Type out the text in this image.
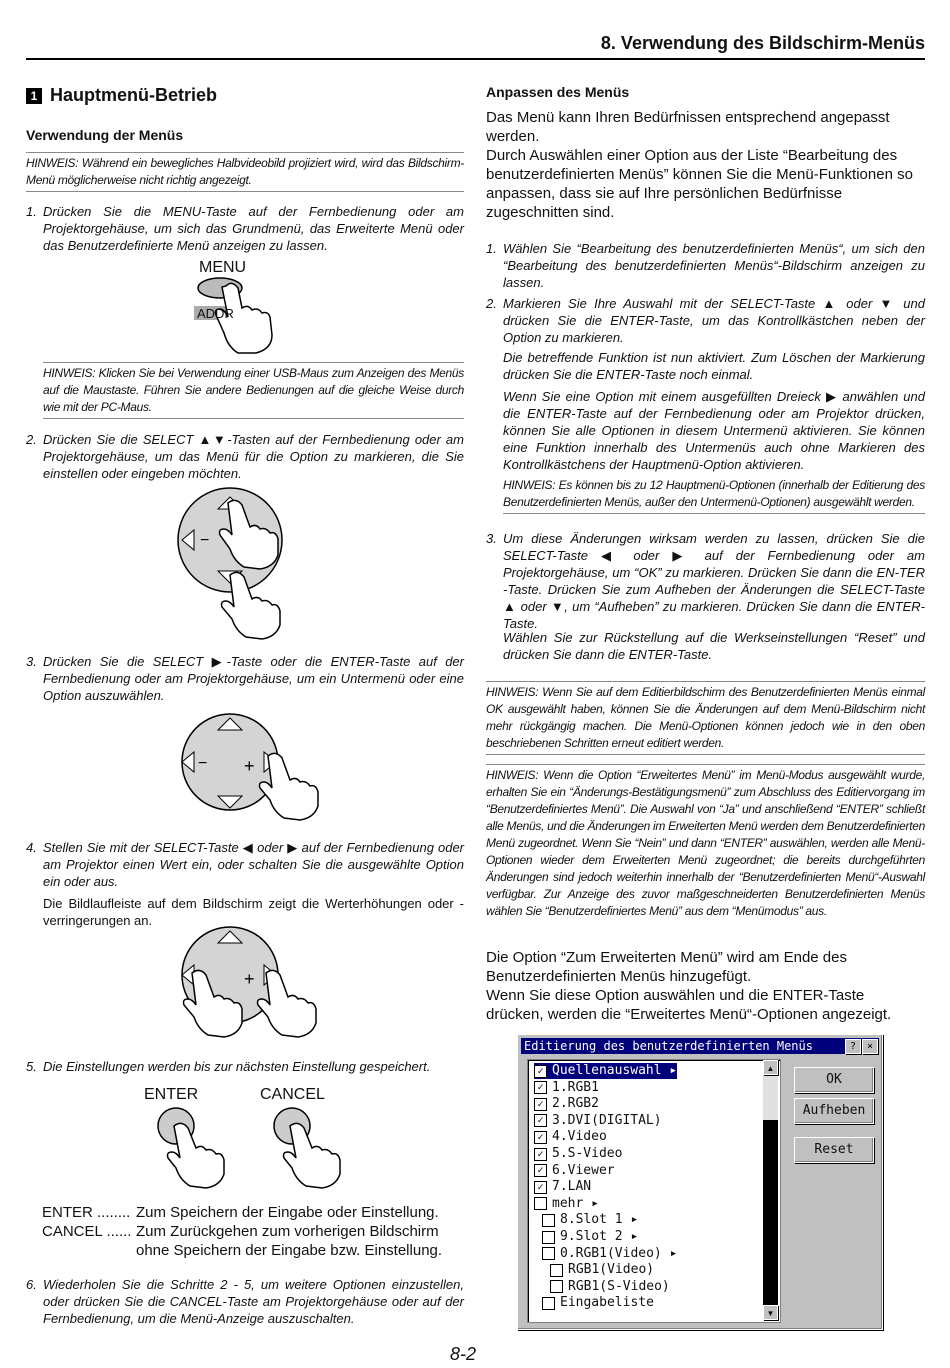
8. Verwendung des Bildschirm-Menüs
1 Hauptmenü-Betrieb
Verwendung der Menüs
HINWEIS: Während ein bewegliches Halbvideobild projiziert wird, wird das Bildschirm-Menü möglicherweise nicht richtig angezeigt.
1. Drücken Sie die MENU-Taste auf der Fernbedienung oder am Projektorgehäuse, um sich das Grundmenü, das Erweiterte Menü oder das Benutzerdefinierte Menü anzeigen zu lassen.
MENU
ADDR
HINWEIS: Klicken Sie bei Verwendung einer USB-Maus zum Anzeigen des Menüs auf die Maustaste. Führen Sie andere Bedienungen auf die gleiche Weise durch wie mit der PC-Maus.
2. Drücken Sie die SELECT ▲▼-Tasten auf der Fernbedienung oder am Projektorgehäuse, um das Menü für die Option zu markieren, die Sie einstellen oder eingeben möchten.
−
3. Drücken Sie die SELECT ▶-Taste oder die ENTER-Taste auf der Fernbedienung oder am Projektorgehäuse, um ein Untermenü oder eine Option auszuwählen.
− +
4. Stellen Sie mit der SELECT-Taste ◀ oder ▶ auf der Fernbedienung oder am Projektor einen Wert ein, oder schalten Sie die ausgewählte Option ein oder aus.
Die Bildlaufleiste auf dem Bildschirm zeigt die Werterhöhungen oder -verringerungen an.
+
5. Die Einstellungen werden bis zur nächsten Einstellung gespeichert.
ENTER	CANCEL
ENTER ........ Zum Speichern der Eingabe oder Einstellung.
CANCEL ...... Zum Zurückgehen zum vorherigen Bildschirm ohne Speichern der Eingabe bzw. Einstellung.
6. Wiederholen Sie die Schritte 2 - 5, um weitere Optionen einzustellen, oder drücken Sie die CANCEL-Taste am Projektorgehäuse oder auf der Fernbedienung, um die Menü-Anzeige auszuschalten.
Anpassen des Menüs
Das Menü kann Ihren Bedürfnissen entsprechend angepasst werden.
Durch Auswählen einer Option aus der Liste “Bearbeitung des benutzerdefinierten Menüs” können Sie die Menü-Funktionen so anpassen, dass sie auf Ihre persönlichen Bedürfnisse zugeschnitten sind.
1. Wählen Sie “Bearbeitung des benutzerdefinierten Menüs“, um sich den “Bearbeitung des benutzerdefinierten Menüs“-Bildschirm anzeigen zu lassen.
2. Markieren Sie Ihre Auswahl mit der SELECT-Taste ▲ oder ▼ und drücken Sie die ENTER-Taste, um das Kontrollkästchen neben der Option zu markieren.
Die betreffende Funktion ist nun aktiviert. Zum Löschen der Markierung drücken Sie die ENTER-Taste noch einmal.
Wenn Sie eine Option mit einem ausgefüllten Dreieck ▶ anwählen und die ENTER-Taste auf der Fernbedienung oder am Projektor drücken, können Sie alle Optionen in diesem Untermenü aktivieren. Sie können eine Funktion innerhalb des Untermenüs auch ohne Markieren des Kontrollkästchens der Hauptmenü-Option aktivieren.
HINWEIS: Es können bis zu 12 Hauptmenü-Optionen (innerhalb der Editierung des Benutzerdefinierten Menüs, außer den Untermenü-Optionen) ausgewählt werden.
3. Um diese Änderungen wirksam werden zu lassen, drücken Sie die SELECT-Taste ◀ oder ▶ auf der Fernbedienung oder am Projektorgehäuse, um “OK” zu markieren. Drücken Sie dann die EN-TER -Taste. Drücken Sie zum Aufheben der Änderungen die SELECT-Taste ▲ oder ▼, um “Aufheben” zu markieren. Drücken Sie dann die ENTER-Taste.
Wählen Sie zur Rückstellung auf die Werkseinstellungen “Reset” und drücken Sie dann die ENTER-Taste.
HINWEIS: Wenn Sie auf dem Editierbildschirm des Benutzerdefinierten Menüs einmal OK ausgewählt haben, können Sie die Änderungen auf dem Menü-Bildschirm nicht mehr rückgängig machen. Die Menü-Optionen können jedoch wie in den oben beschriebenen Schritten erneut editiert werden.
HINWEIS: Wenn die Option “Erweitertes Menü” im Menü-Modus ausgewählt wurde, erhalten Sie ein “Änderungs-Bestätigungsmenü” zum Abschluss des Editiervorgang im “Benutzerdefiniertes Menü”. Die Auswahl von “Ja” und anschließend “ENTER” schließt alle Menüs, und die Änderungen im Erweiterten Menü werden dem Benutzerdefinierten Menü zugeordnet. Wenn Sie “Nein” und dann “ENTER” auswählen, werden alle Menü-Optionen wieder dem Erweiterten Menü zugeordnet; die bereits durchgeführten Änderungen sind jedoch weiterhin innerhalb der “Benutzerdefinierten Menü“-Auswahl verfügbar. Zur Anzeige des zuvor maßgeschneiderten Benutzerdefinierten Menüs wählen Sie “Benutzerdefiniertes Menü” aus dem “Menümodus” aus.
Die Option “Zum Erweiterten Menü” wird am Ende des Benutzerdefinierten Menüs hinzugefügt.
Wenn Sie diese Option auswählen und die ENTER-Taste drücken, werden die “Erweitertes Menü“-Optionen angezeigt.
Editierung des benutzerdefinierten Menüs	?	×
✓ Quellenauswahl ▸
✓ 1.RGB1
✓ 2.RGB2
✓ 3.DVI(DIGITAL)
✓ 4.Video
✓ 5.S-Video
✓ 6.Viewer
✓ 7.LAN
mehr ▸
8.Slot 1 ▸
9.Slot 2 ▸
0.RGB1(Video) ▸
RGB1(Video)
RGB1(S-Video)
Eingabeliste
▲
▼
OK
Aufheben
Reset
8-2
